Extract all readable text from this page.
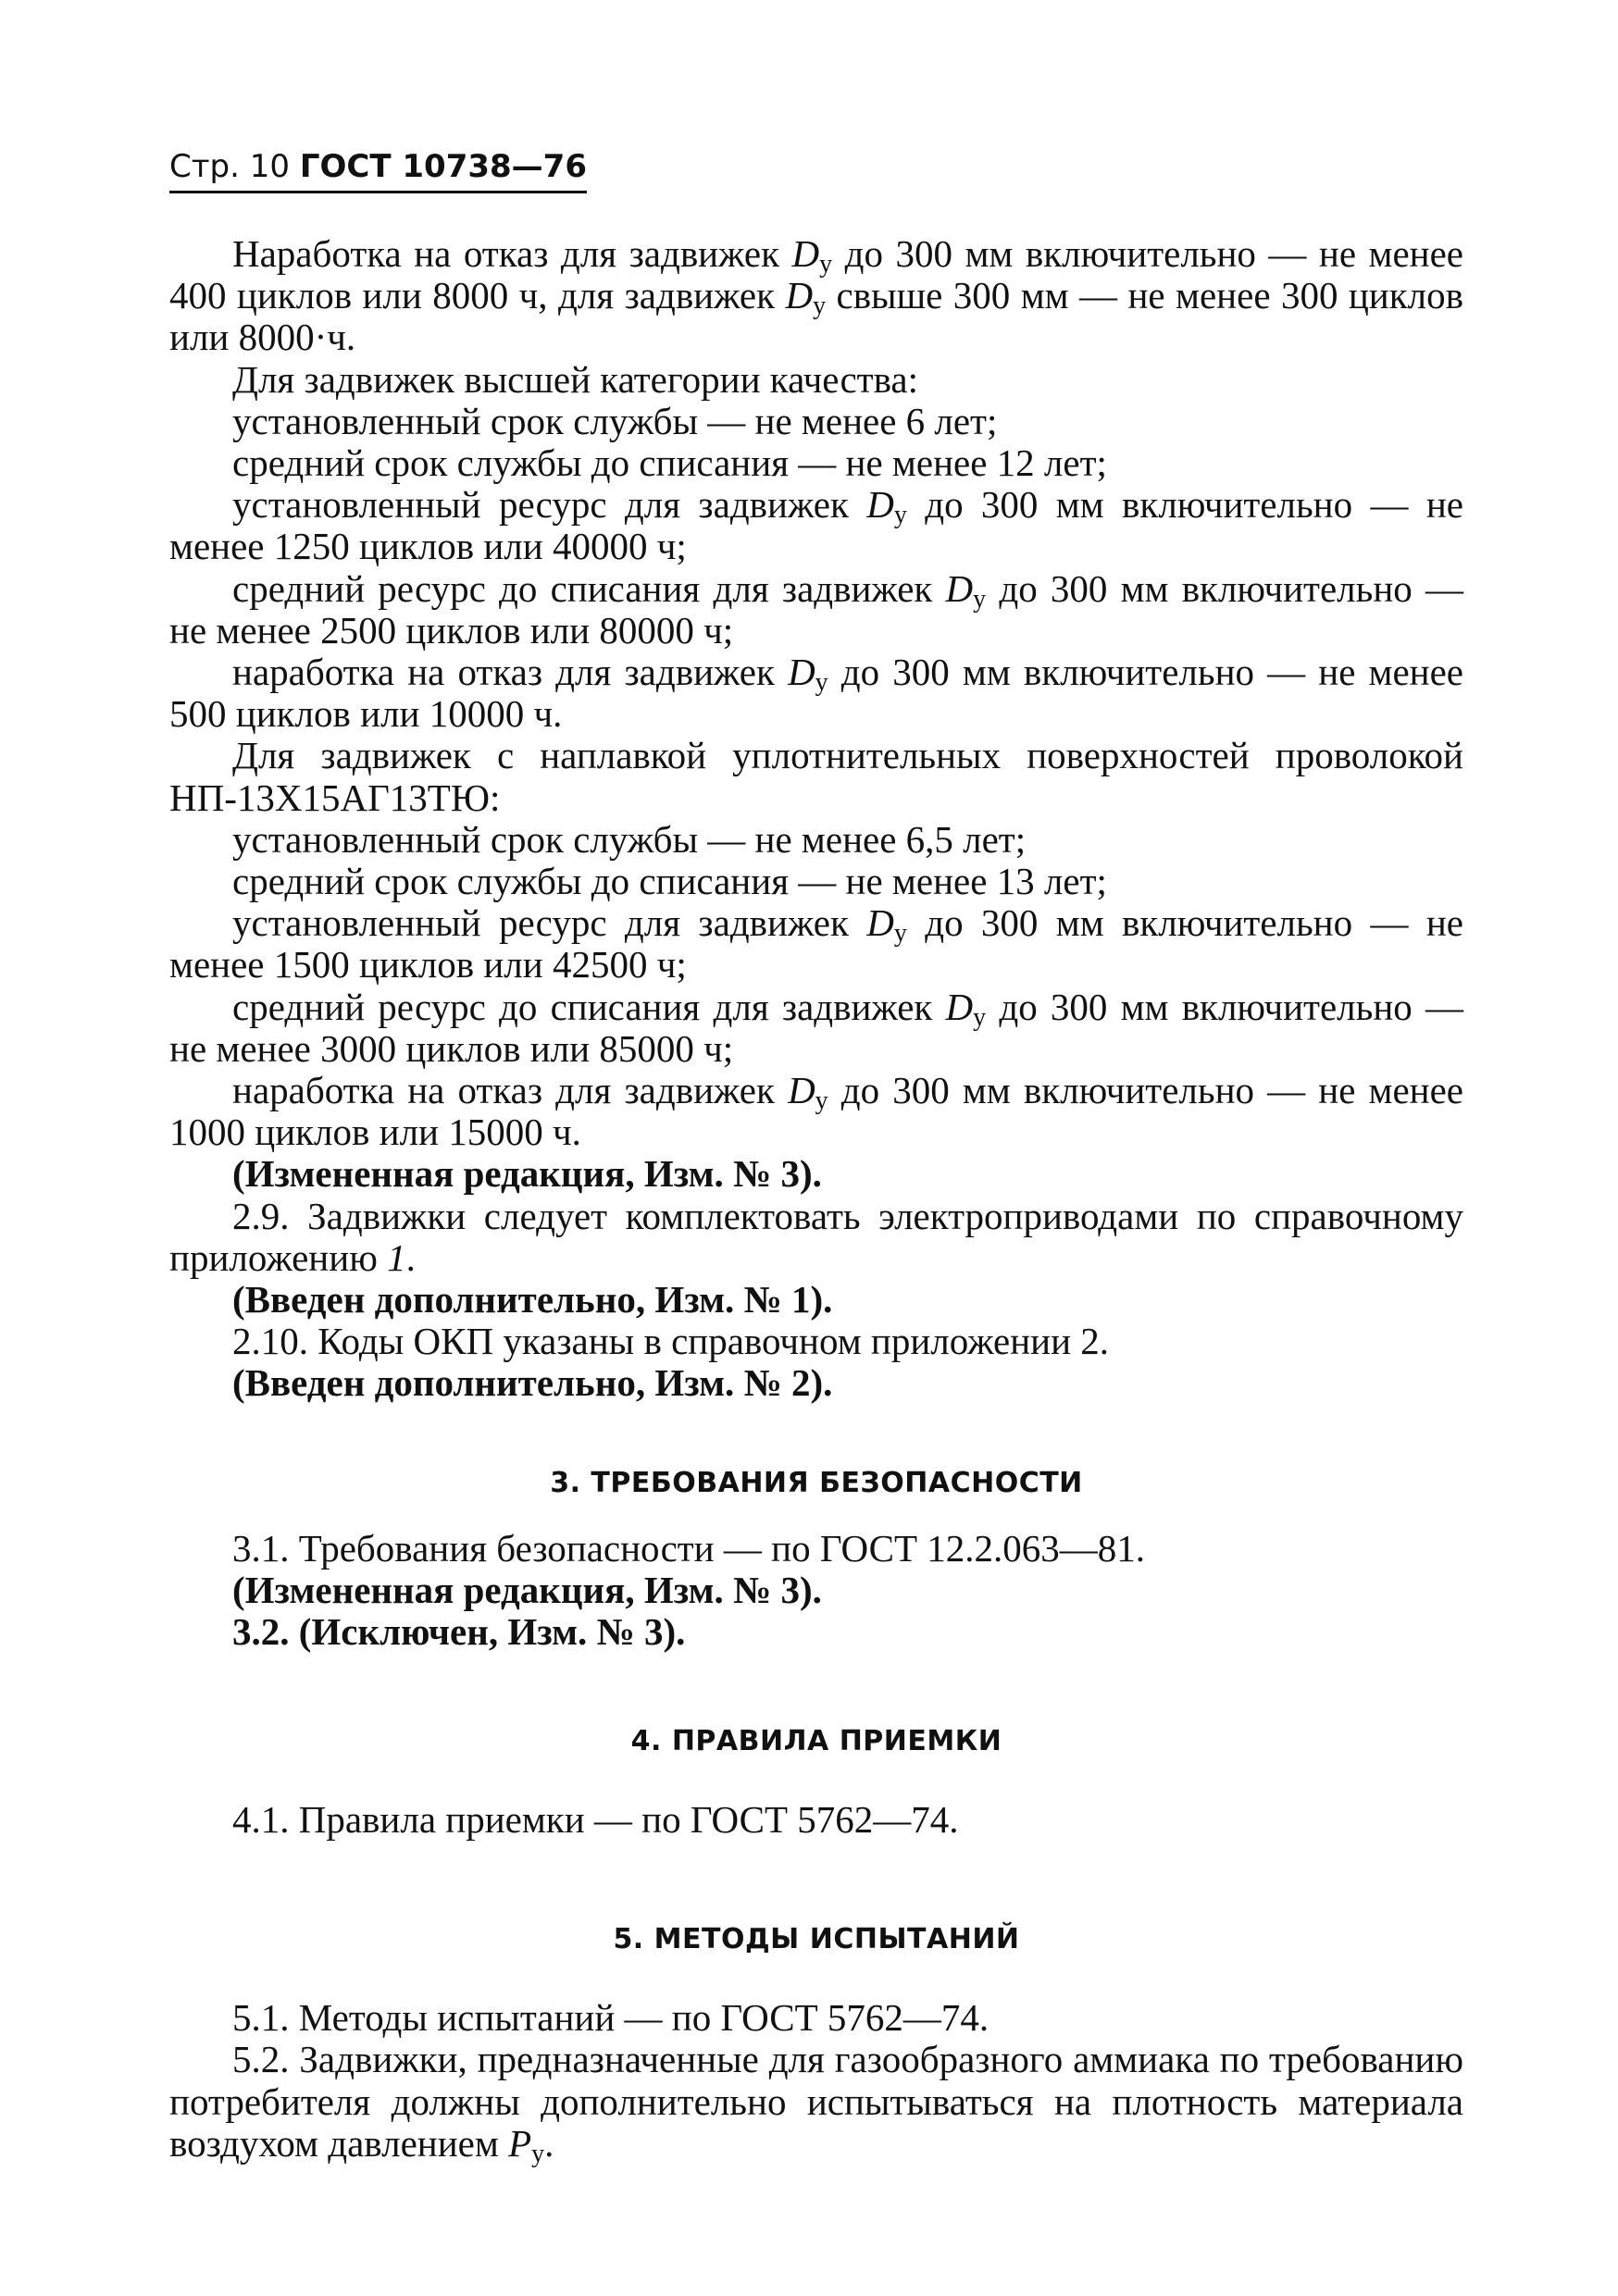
Стр. 10 ГОСТ 10738—76

Наработка на отказ для задвижек $D_у$ до 300 мм включительно — не менее 400 циклов или 8000 ч, для задвижек $D_у$ свыше 300 мм — не менее 300 циклов или 8000·ч.

Для задвижек высшей категории качества:

установленный срок службы — не менее 6 лет;

средний срок службы до списания — не менее 12 лет;

установленный ресурс для задвижек $D_у$ до 300 мм включительно — не менее 1250 циклов или 40000 ч;

средний ресурс до списания для задвижек $D_у$ до 300 мм включительно — не менее 2500 циклов или 80000 ч;

наработка на отказ для задвижек $D_у$ до 300 мм включительно — не менее 500 циклов или 10000 ч.

Для задвижек с наплавкой уплотнительных поверхностей проволокой НП-13Х15АГ13ТЮ:

установленный срок службы — не менее 6,5 лет;

средний срок службы до списания — не менее 13 лет;

установленный ресурс для задвижек $D_у$ до 300 мм включительно — не менее 1500 циклов или 42500 ч;

средний ресурс до списания для задвижек $D_у$ до 300 мм включительно — не менее 3000 циклов или 85000 ч;

наработка на отказ для задвижек $D_у$ до 300 мм включительно — не менее 1000 циклов или 15000 ч.

(Измененная редакция, Изм. № 3).

2.9. Задвижки следует комплектовать электроприводами по справочному приложению 1.

(Введен дополнительно, Изм. № 1).

2.10. Коды ОКП указаны в справочном приложении 2.

(Введен дополнительно, Изм. № 2).

3. ТРЕБОВАНИЯ БЕЗОПАСНОСТИ

3.1. Требования безопасности — по ГОСТ 12.2.063—81.

(Измененная редакция, Изм. № 3).

3.2. (Исключен, Изм. № 3).

4. ПРАВИЛА ПРИЕМКИ

4.1. Правила приемки — по ГОСТ 5762—74.

5. МЕТОДЫ ИСПЫТАНИЙ

5.1. Методы испытаний — по ГОСТ 5762—74.

5.2. Задвижки, предназначенные для газообразного аммиака по требованию потребителя должны дополнительно испытываться на плотность материала воздухом давлением $P_у$.
